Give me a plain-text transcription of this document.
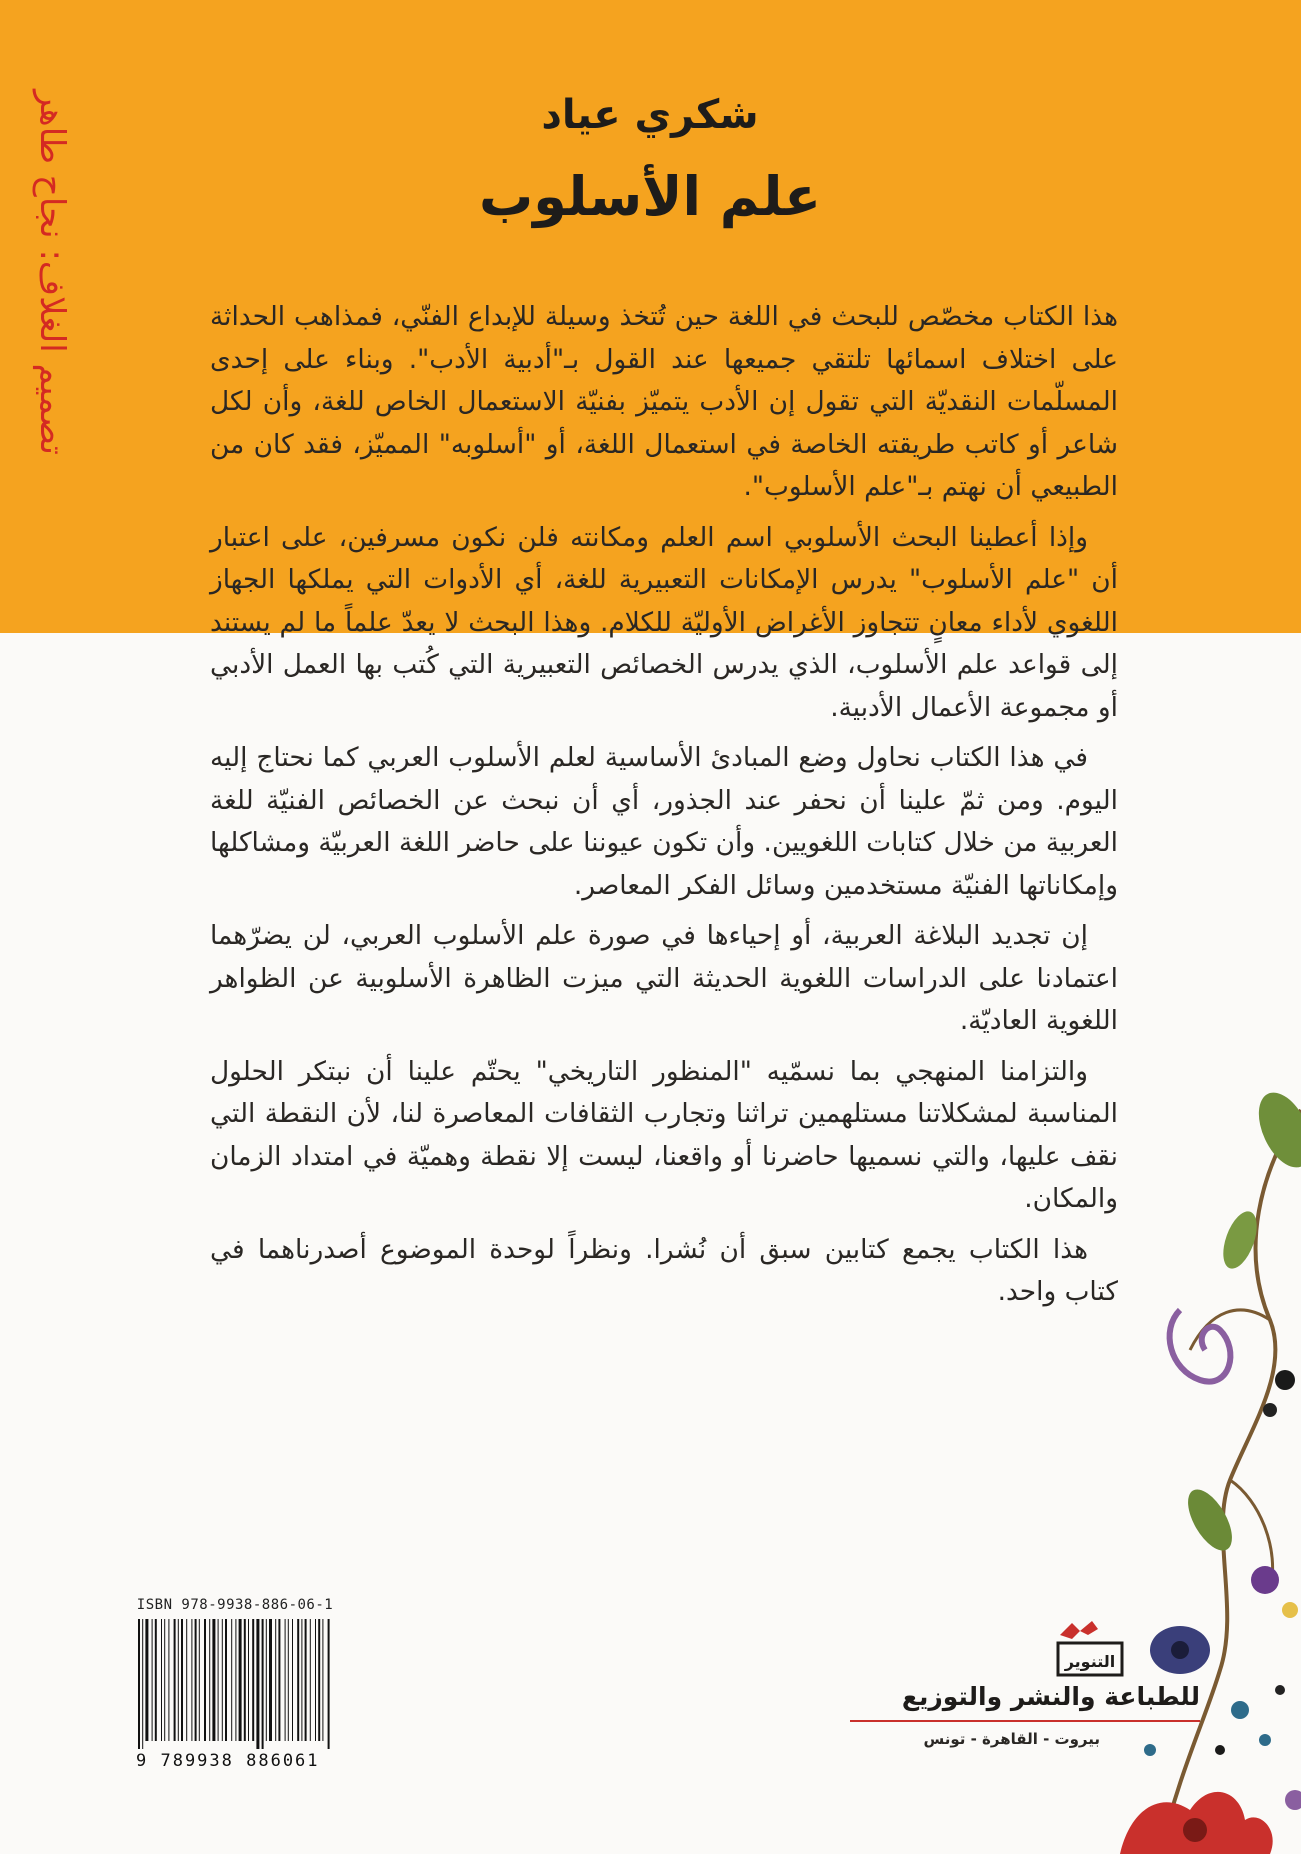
تصميم الغلاف: نجاح طاهر	شكري عياد
علم الأسلوب

هذا الكتاب مخصّص للبحث في اللغة حين تُتخذ وسيلة للإبداع الفنّي، فمذاهب الحداثة على اختلاف اسمائها تلتقي جميعها عند القول بـ"أدبية الأدب". وبناء على إحدى المسلّمات النقديّة التي تقول إن الأدب يتميّز بفنيّة الاستعمال الخاص للغة، وأن لكل شاعر أو كاتب طريقته الخاصة في استعمال اللغة، أو "أسلوبه" المميّز، فقد كان من الطبيعي أن نهتم بـ"علم الأسلوب".

وإذا أعطينا البحث الأسلوبي اسم العلم ومكانته فلن نكون مسرفين، على اعتبار أن "علم الأسلوب" يدرس الإمكانات التعبيرية للغة، أي الأدوات التي يملكها الجهاز اللغوي لأداء معانٍ تتجاوز الأغراض الأوليّة للكلام. وهذا البحث لا يعدّ علماً ما لم يستند إلى قواعد علم الأسلوب، الذي يدرس الخصائص التعبيرية التي كُتب بها العمل الأدبي أو مجموعة الأعمال الأدبية.

في هذا الكتاب نحاول وضع المبادئ الأساسية لعلم الأسلوب العربي كما نحتاج إليه اليوم. ومن ثمّ علينا أن نحفر عند الجذور، أي أن نبحث عن الخصائص الفنيّة للغة العربية من خلال كتابات اللغويين. وأن تكون عيوننا على حاضر اللغة العربيّة ومشاكلها وإمكاناتها الفنيّة مستخدمين وسائل الفكر المعاصر.

إن تجديد البلاغة العربية، أو إحياءها في صورة علم الأسلوب العربي، لن يضرّهما اعتمادنا على الدراسات اللغوية الحديثة التي ميزت الظاهرة الأسلوبية عن الظواهر اللغوية العاديّة.

والتزامنا المنهجي بما نسمّيه "المنظور التاريخي" يحتّم علينا أن نبتكر الحلول المناسبة لمشكلاتنا مستلهمين تراثنا وتجارب الثقافات المعاصرة لنا، لأن النقطة التي نقف عليها، والتي نسميها حاضرنا أو واقعنا، ليست إلا نقطة وهميّة في امتداد الزمان والمكان.

هذا الكتاب يجمع كتابين سبق أن نُشرا. ونظراً لوحدة الموضوع أصدرناهما في كتاب واحد.

ISBN 978-9938-886-06-1
9 789938 886061
التنوير
للطباعة والنشر والتوزيع
بيروت - القاهرة - تونس
